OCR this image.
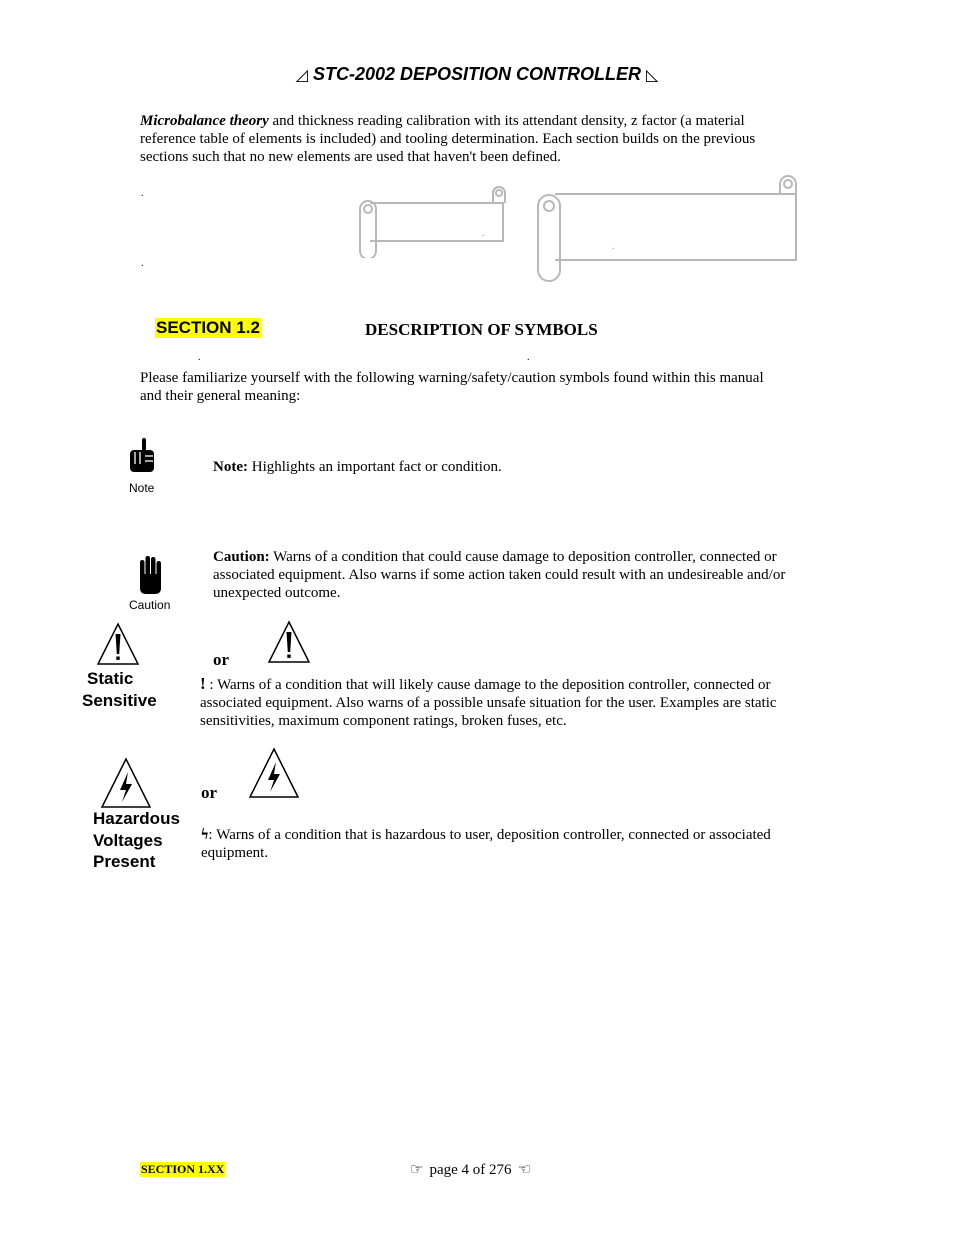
◿ STC-2002 DEPOSITION CONTROLLER ◺
Microbalance theory and thickness reading calibration with its attendant density, z factor (a material
reference table of elements is included) and tooling determination. Each section builds on the previous
sections such that no new elements are used that haven't been defined.
.
.
.
.
SECTION 1.2	DESCRIPTION OF SYMBOLS
.	.
Please familiarize yourself with the following warning/safety/caution symbols found within this manual
and their general meaning:
Note
Note: Highlights an important fact or condition.
Caution
Caution: Warns of a condition that could cause damage to deposition controller, connected or
associated equipment. Also warns if some action taken could result with an undesireable and/or
unexpected outcome.
Static
Sensitive
or
! : Warns of a condition that will likely cause damage to the deposition controller, connected or
associated equipment. Also warns of a possible unsafe situation for the user. Examples are static
sensitivities, maximum component ratings, broken fuses, etc.
Hazardous
Voltages
Present
or
ϟ: Warns of a condition that is hazardous to user, deposition controller, connected or associated
equipment.
SECTION 1.XX	☞ page 4 of 276 ☜
